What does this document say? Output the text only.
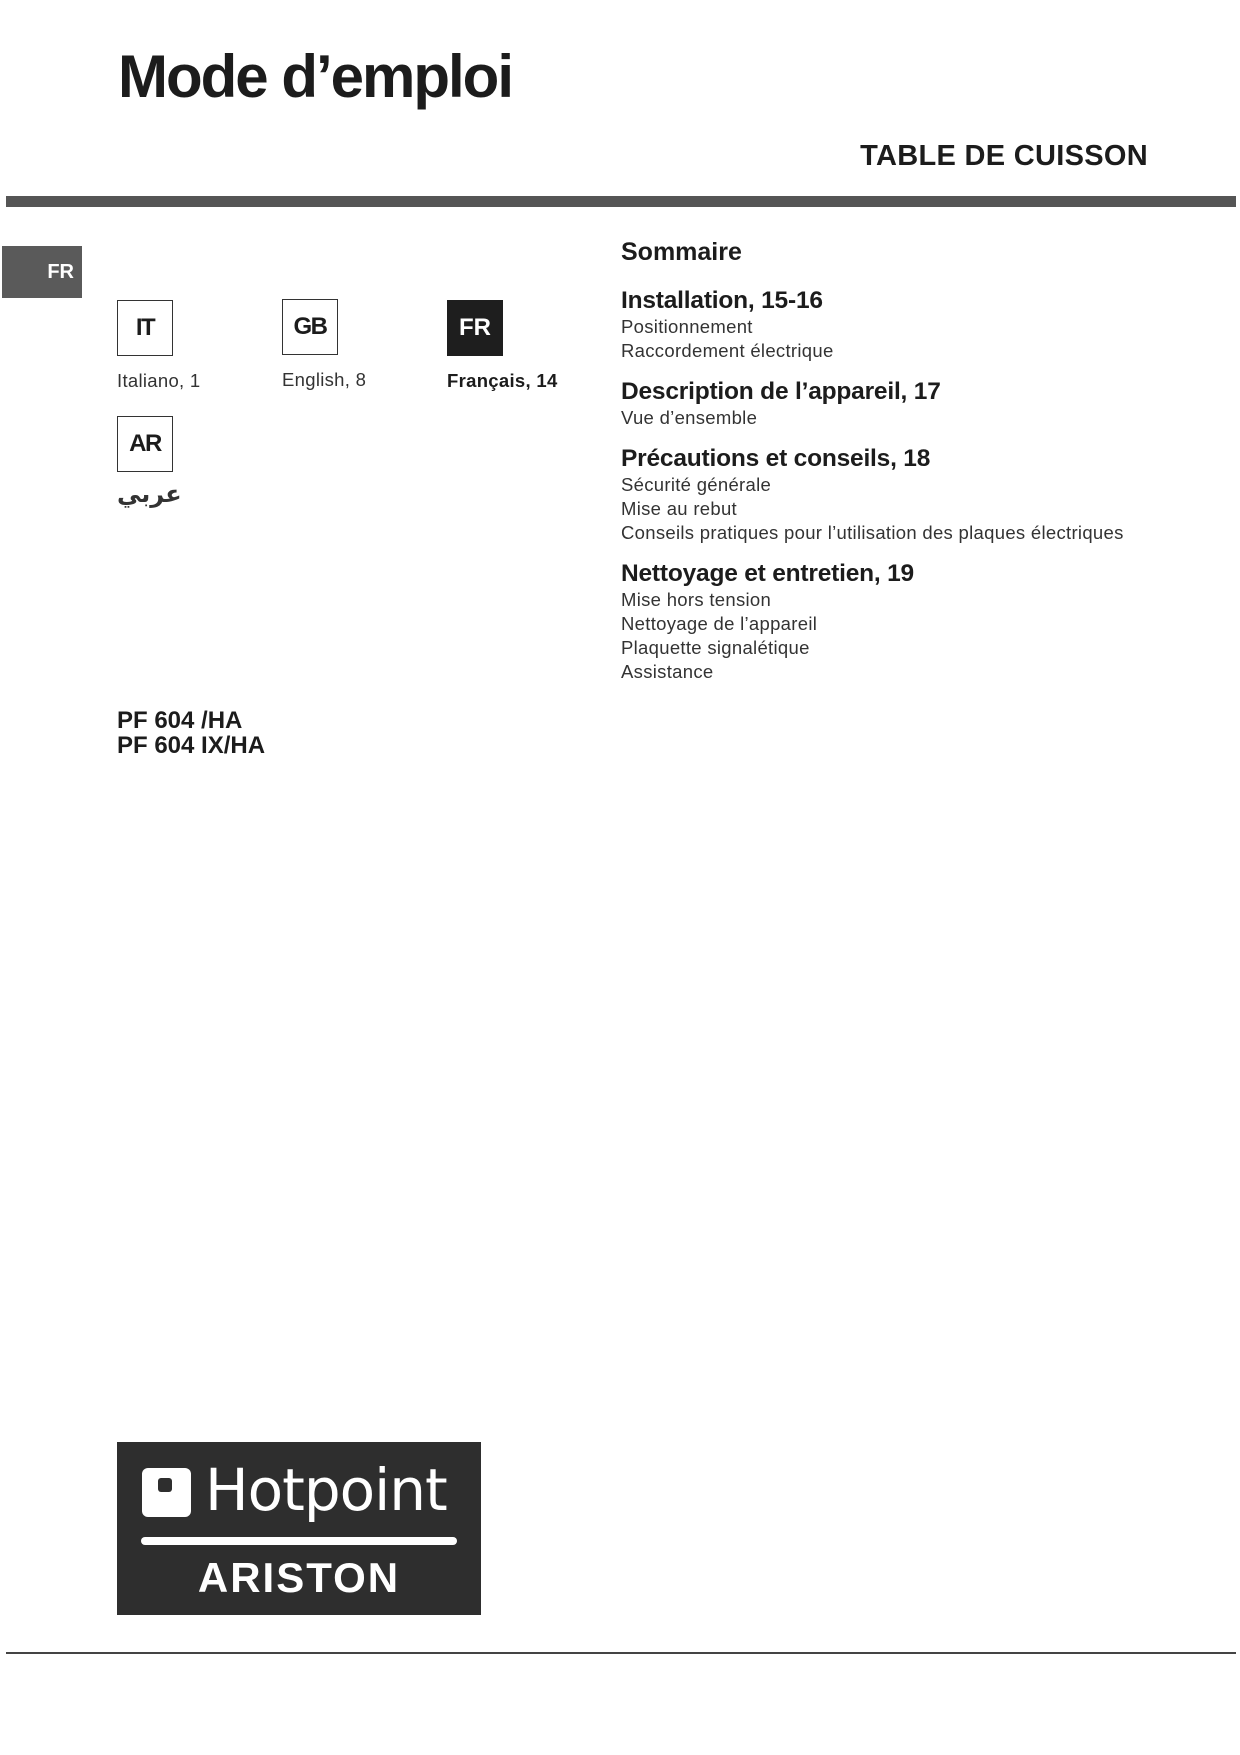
Mode d’emploi
TABLE DE CUISSON
FR
IT
Italiano, 1
GB
English, 8
FR
Français, 14
AR
عربي
PF 604 /HA
PF 604 IX/HA
Sommaire
Installation, 15-16
Positionnement
Raccordement électrique
Description de l’appareil, 17
Vue d’ensemble
Précautions et conseils, 18
Sécurité générale
Mise au rebut
Conseils pratiques pour l’utilisation des plaques électriques
Nettoyage et entretien, 19
Mise hors tension
Nettoyage de l’appareil
Plaquette signalétique
Assistance
Hotpoint
ARISTON
